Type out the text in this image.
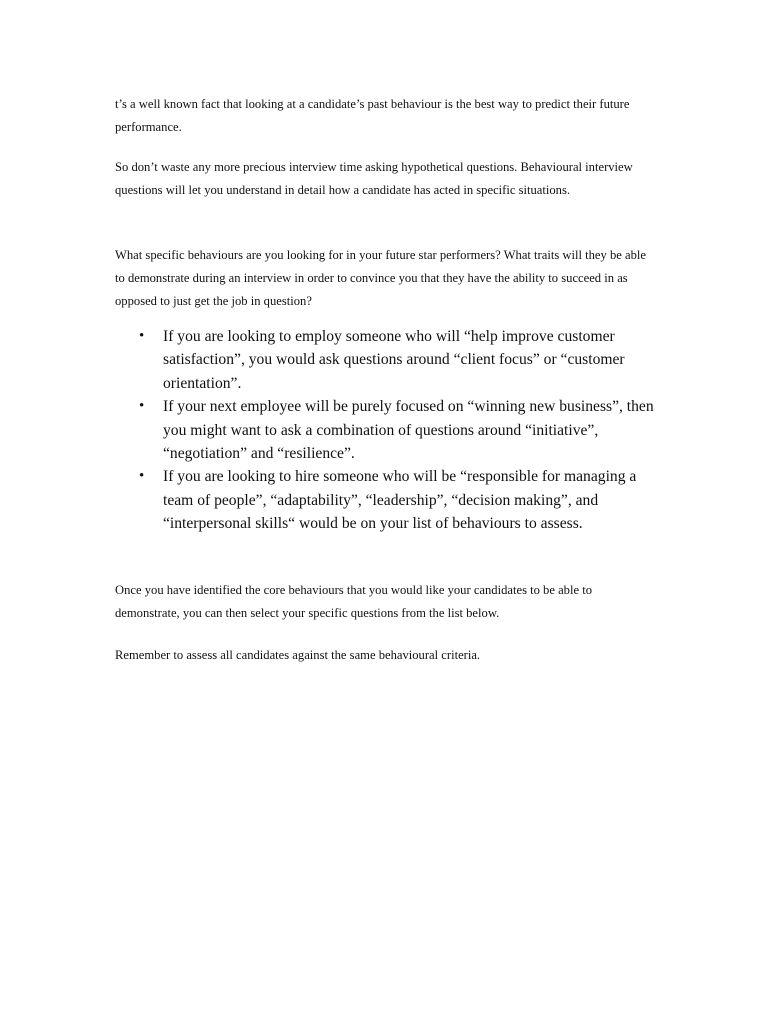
t’s a well known fact that looking at a candidate’s past behaviour is the best way to predict their future performance.

So don’t waste any more precious interview time asking hypothetical questions. Behavioural interview questions will let you understand in detail how a candidate has acted in specific situations.

What specific behaviours are you looking for in your future star performers? What traits will they be able to demonstrate during an interview in order to convince you that they have the ability to succeed in as opposed to just get the job in question?

• If you are looking to employ someone who will “help improve customer satisfaction”, you would ask questions around “client focus” or “customer orientation”.
• If your next employee will be purely focused on “winning new business”, then you might want to ask a combination of questions around “initiative”, “negotiation” and “resilience”.
• If you are looking to hire someone who will be “responsible for managing a team of people”, “adaptability”, “leadership”, “decision making”, and “interpersonal skills“ would be on your list of behaviours to assess.

Once you have identified the core behaviours that you would like your candidates to be able to demonstrate, you can then select your specific questions from the list below.

Remember to assess all candidates against the same behavioural criteria.
